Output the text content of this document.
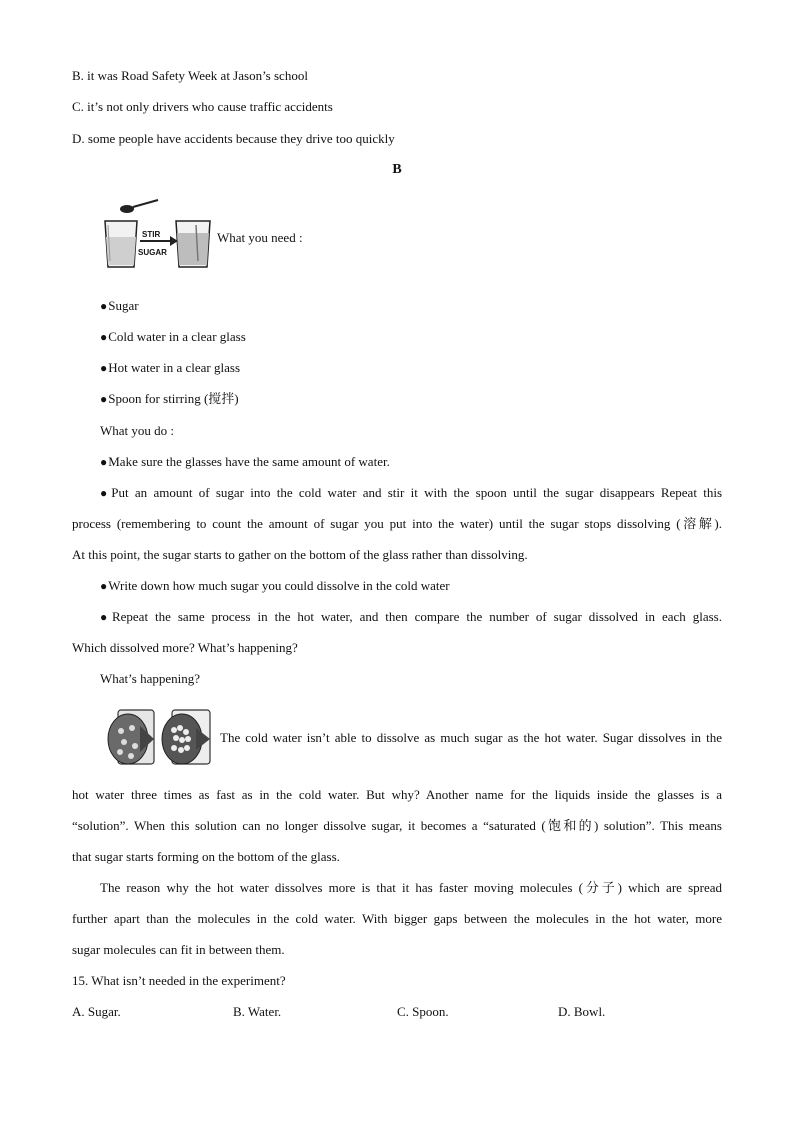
B. it was Road Safety Week at Jason’s school
C. it’s not only drivers who cause traffic accidents
D. some people have accidents because they drive too quickly
B
STIR
SUGAR
What you need :
● Sugar
● Cold water in a clear glass
● Hot water in a clear glass
● Spoon for stirring (搅拌)
What you do :
● Make sure the glasses have the same amount of water.
● Put an amount of sugar into the cold water and stir it with the spoon until the sugar disappears Repeat this
process (remembering to count the amount of sugar you put into the water) until the sugar stops dissolving (溶解).
At this point, the sugar starts to gather on the bottom of the glass rather than dissolving.
● Write down how much sugar you could dissolve in the cold water
● Repeat the same process in the hot water, and then compare the number of sugar dissolved in each glass.
Which dissolved more? What’s happening?
What’s happening?
The cold water isn’t able to dissolve as much sugar as the hot water. Sugar dissolves in the
hot water three times as fast as in the cold water. But why? Another name for the liquids inside the glasses is a
“solution”. When this solution can no longer dissolve sugar, it becomes a “saturated (饱和的) solution”. This means
that sugar starts forming on the bottom of the glass.
The reason why the hot water dissolves more is that it has faster moving molecules (分子) which are spread
further apart than the molecules in the cold water. With bigger gaps between the molecules in the hot water, more
sugar molecules can fit in between them.
15. What isn’t needed in the experiment?
A. Sugar.	B. Water.	C. Spoon.	D. Bowl.
